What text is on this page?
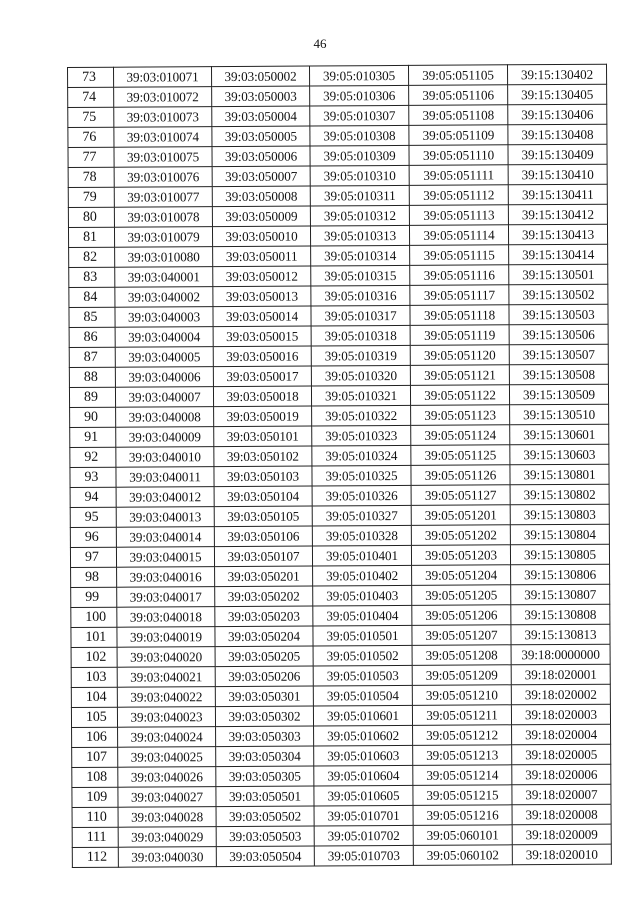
46
73	39:03:010071	39:03:050002	39:05:010305	39:05:051105	39:15:130402
74	39:03:010072	39:03:050003	39:05:010306	39:05:051106	39:15:130405
75	39:03:010073	39:03:050004	39:05:010307	39:05:051108	39:15:130406
76	39:03:010074	39:03:050005	39:05:010308	39:05:051109	39:15:130408
77	39:03:010075	39:03:050006	39:05:010309	39:05:051110	39:15:130409
78	39:03:010076	39:03:050007	39:05:010310	39:05:051111	39:15:130410
79	39:03:010077	39:03:050008	39:05:010311	39:05:051112	39:15:130411
80	39:03:010078	39:03:050009	39:05:010312	39:05:051113	39:15:130412
81	39:03:010079	39:03:050010	39:05:010313	39:05:051114	39:15:130413
82	39:03:010080	39:03:050011	39:05:010314	39:05:051115	39:15:130414
83	39:03:040001	39:03:050012	39:05:010315	39:05:051116	39:15:130501
84	39:03:040002	39:03:050013	39:05:010316	39:05:051117	39:15:130502
85	39:03:040003	39:03:050014	39:05:010317	39:05:051118	39:15:130503
86	39:03:040004	39:03:050015	39:05:010318	39:05:051119	39:15:130506
87	39:03:040005	39:03:050016	39:05:010319	39:05:051120	39:15:130507
88	39:03:040006	39:03:050017	39:05:010320	39:05:051121	39:15:130508
89	39:03:040007	39:03:050018	39:05:010321	39:05:051122	39:15:130509
90	39:03:040008	39:03:050019	39:05:010322	39:05:051123	39:15:130510
91	39:03:040009	39:03:050101	39:05:010323	39:05:051124	39:15:130601
92	39:03:040010	39:03:050102	39:05:010324	39:05:051125	39:15:130603
93	39:03:040011	39:03:050103	39:05:010325	39:05:051126	39:15:130801
94	39:03:040012	39:03:050104	39:05:010326	39:05:051127	39:15:130802
95	39:03:040013	39:03:050105	39:05:010327	39:05:051201	39:15:130803
96	39:03:040014	39:03:050106	39:05:010328	39:05:051202	39:15:130804
97	39:03:040015	39:03:050107	39:05:010401	39:05:051203	39:15:130805
98	39:03:040016	39:03:050201	39:05:010402	39:05:051204	39:15:130806
99	39:03:040017	39:03:050202	39:05:010403	39:05:051205	39:15:130807
100	39:03:040018	39:03:050203	39:05:010404	39:05:051206	39:15:130808
101	39:03:040019	39:03:050204	39:05:010501	39:05:051207	39:15:130813
102	39:03:040020	39:03:050205	39:05:010502	39:05:051208	39:18:0000000
103	39:03:040021	39:03:050206	39:05:010503	39:05:051209	39:18:020001
104	39:03:040022	39:03:050301	39:05:010504	39:05:051210	39:18:020002
105	39:03:040023	39:03:050302	39:05:010601	39:05:051211	39:18:020003
106	39:03:040024	39:03:050303	39:05:010602	39:05:051212	39:18:020004
107	39:03:040025	39:03:050304	39:05:010603	39:05:051213	39:18:020005
108	39:03:040026	39:03:050305	39:05:010604	39:05:051214	39:18:020006
109	39:03:040027	39:03:050501	39:05:010605	39:05:051215	39:18:020007
110	39:03:040028	39:03:050502	39:05:010701	39:05:051216	39:18:020008
111	39:03:040029	39:03:050503	39:05:010702	39:05:060101	39:18:020009
112	39:03:040030	39:03:050504	39:05:010703	39:05:060102	39:18:020010
